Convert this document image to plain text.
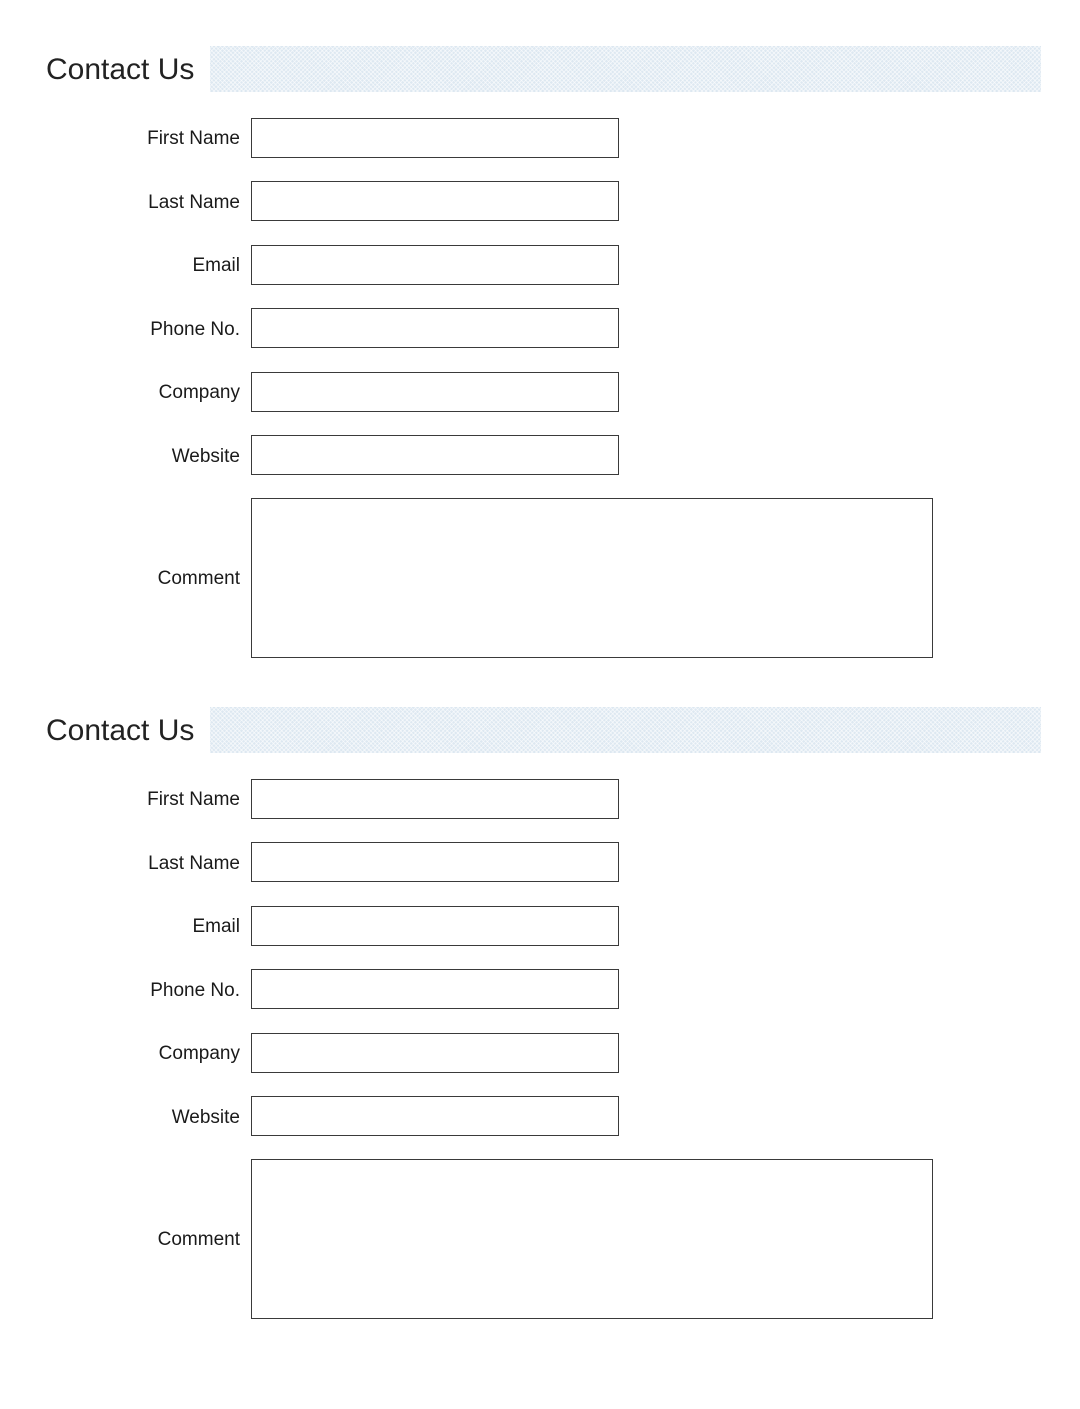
Contact Us
First Name
Last Name
Email
Phone No.
Company
Website
Comment
Contact Us
First Name
Last Name
Email
Phone No.
Company
Website
Comment
